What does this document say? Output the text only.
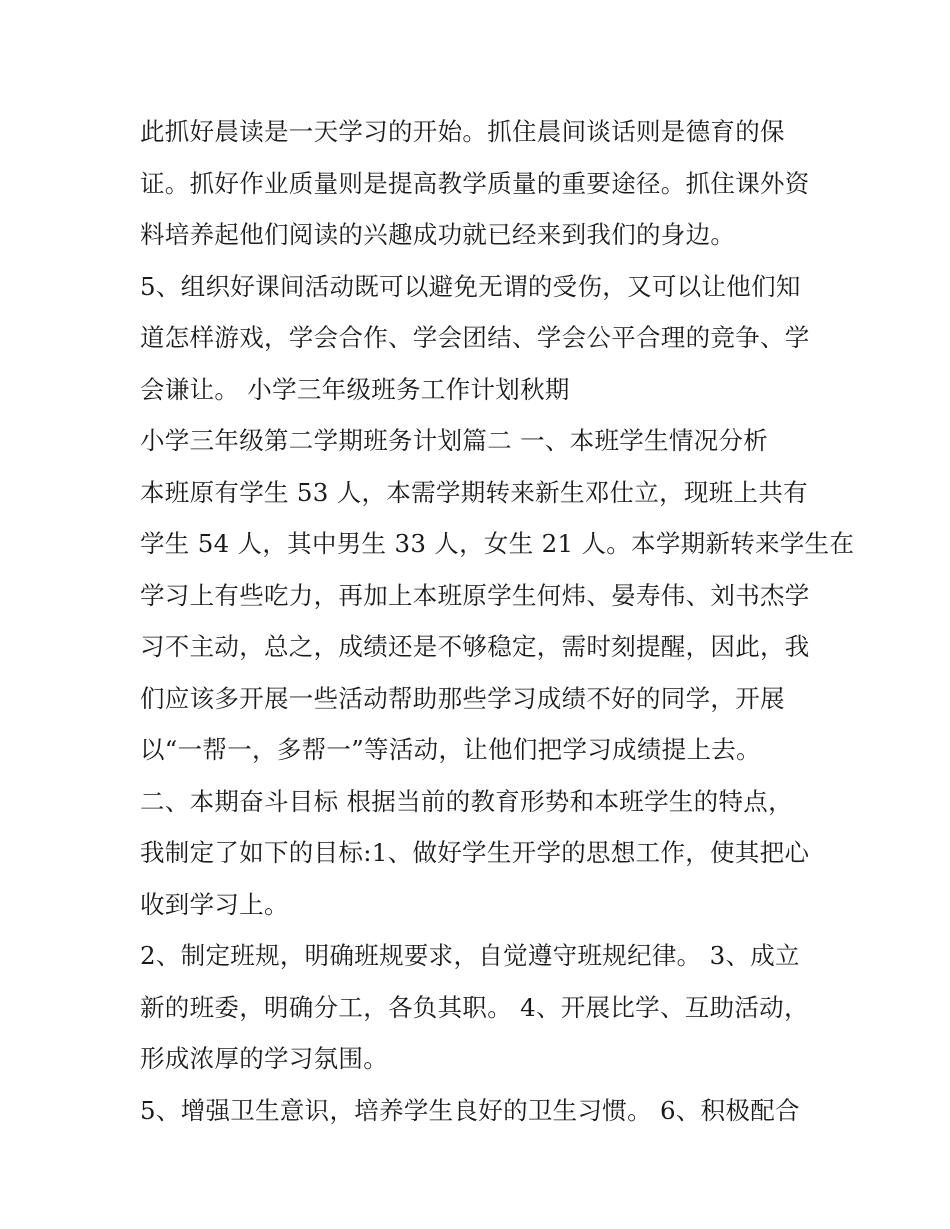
此抓好晨读是一天学习的开始。抓住晨间谈话则是德育的保
证。抓好作业质量则是提高教学质量的重要途径。抓住课外资
料培养起他们阅读的兴趣成功就已经来到我们的身边。
5、组织好课间活动既可以避免无谓的受伤，又可以让他们知
道怎样游戏，学会合作、学会团结、学会公平合理的竞争、学
会谦让。 小学三年级班务工作计划秋期
小学三年级第二学期班务计划篇二 一、本班学生情况分析
本班原有学生 53 人，本需学期转来新生邓仕立，现班上共有
学生 54 人，其中男生 33 人，女生 21 人。本学期新转来学生在
学习上有些吃力，再加上本班原学生何炜、晏寿伟、刘书杰学
习不主动，总之，成绩还是不够稳定，需时刻提醒，因此，我
们应该多开展一些活动帮助那些学习成绩不好的同学，开展
以“一帮一，多帮一”等活动，让他们把学习成绩提上去。
二、本期奋斗目标 根据当前的教育形势和本班学生的特点，
我制定了如下的目标:1、做好学生开学的思想工作，使其把心
收到学习上。
2、制定班规，明确班规要求，自觉遵守班规纪律。 3、成立
新的班委，明确分工，各负其职。 4、开展比学、互助活动，
形成浓厚的学习氛围。
5、增强卫生意识，培养学生良好的卫生习惯。 6、积极配合
